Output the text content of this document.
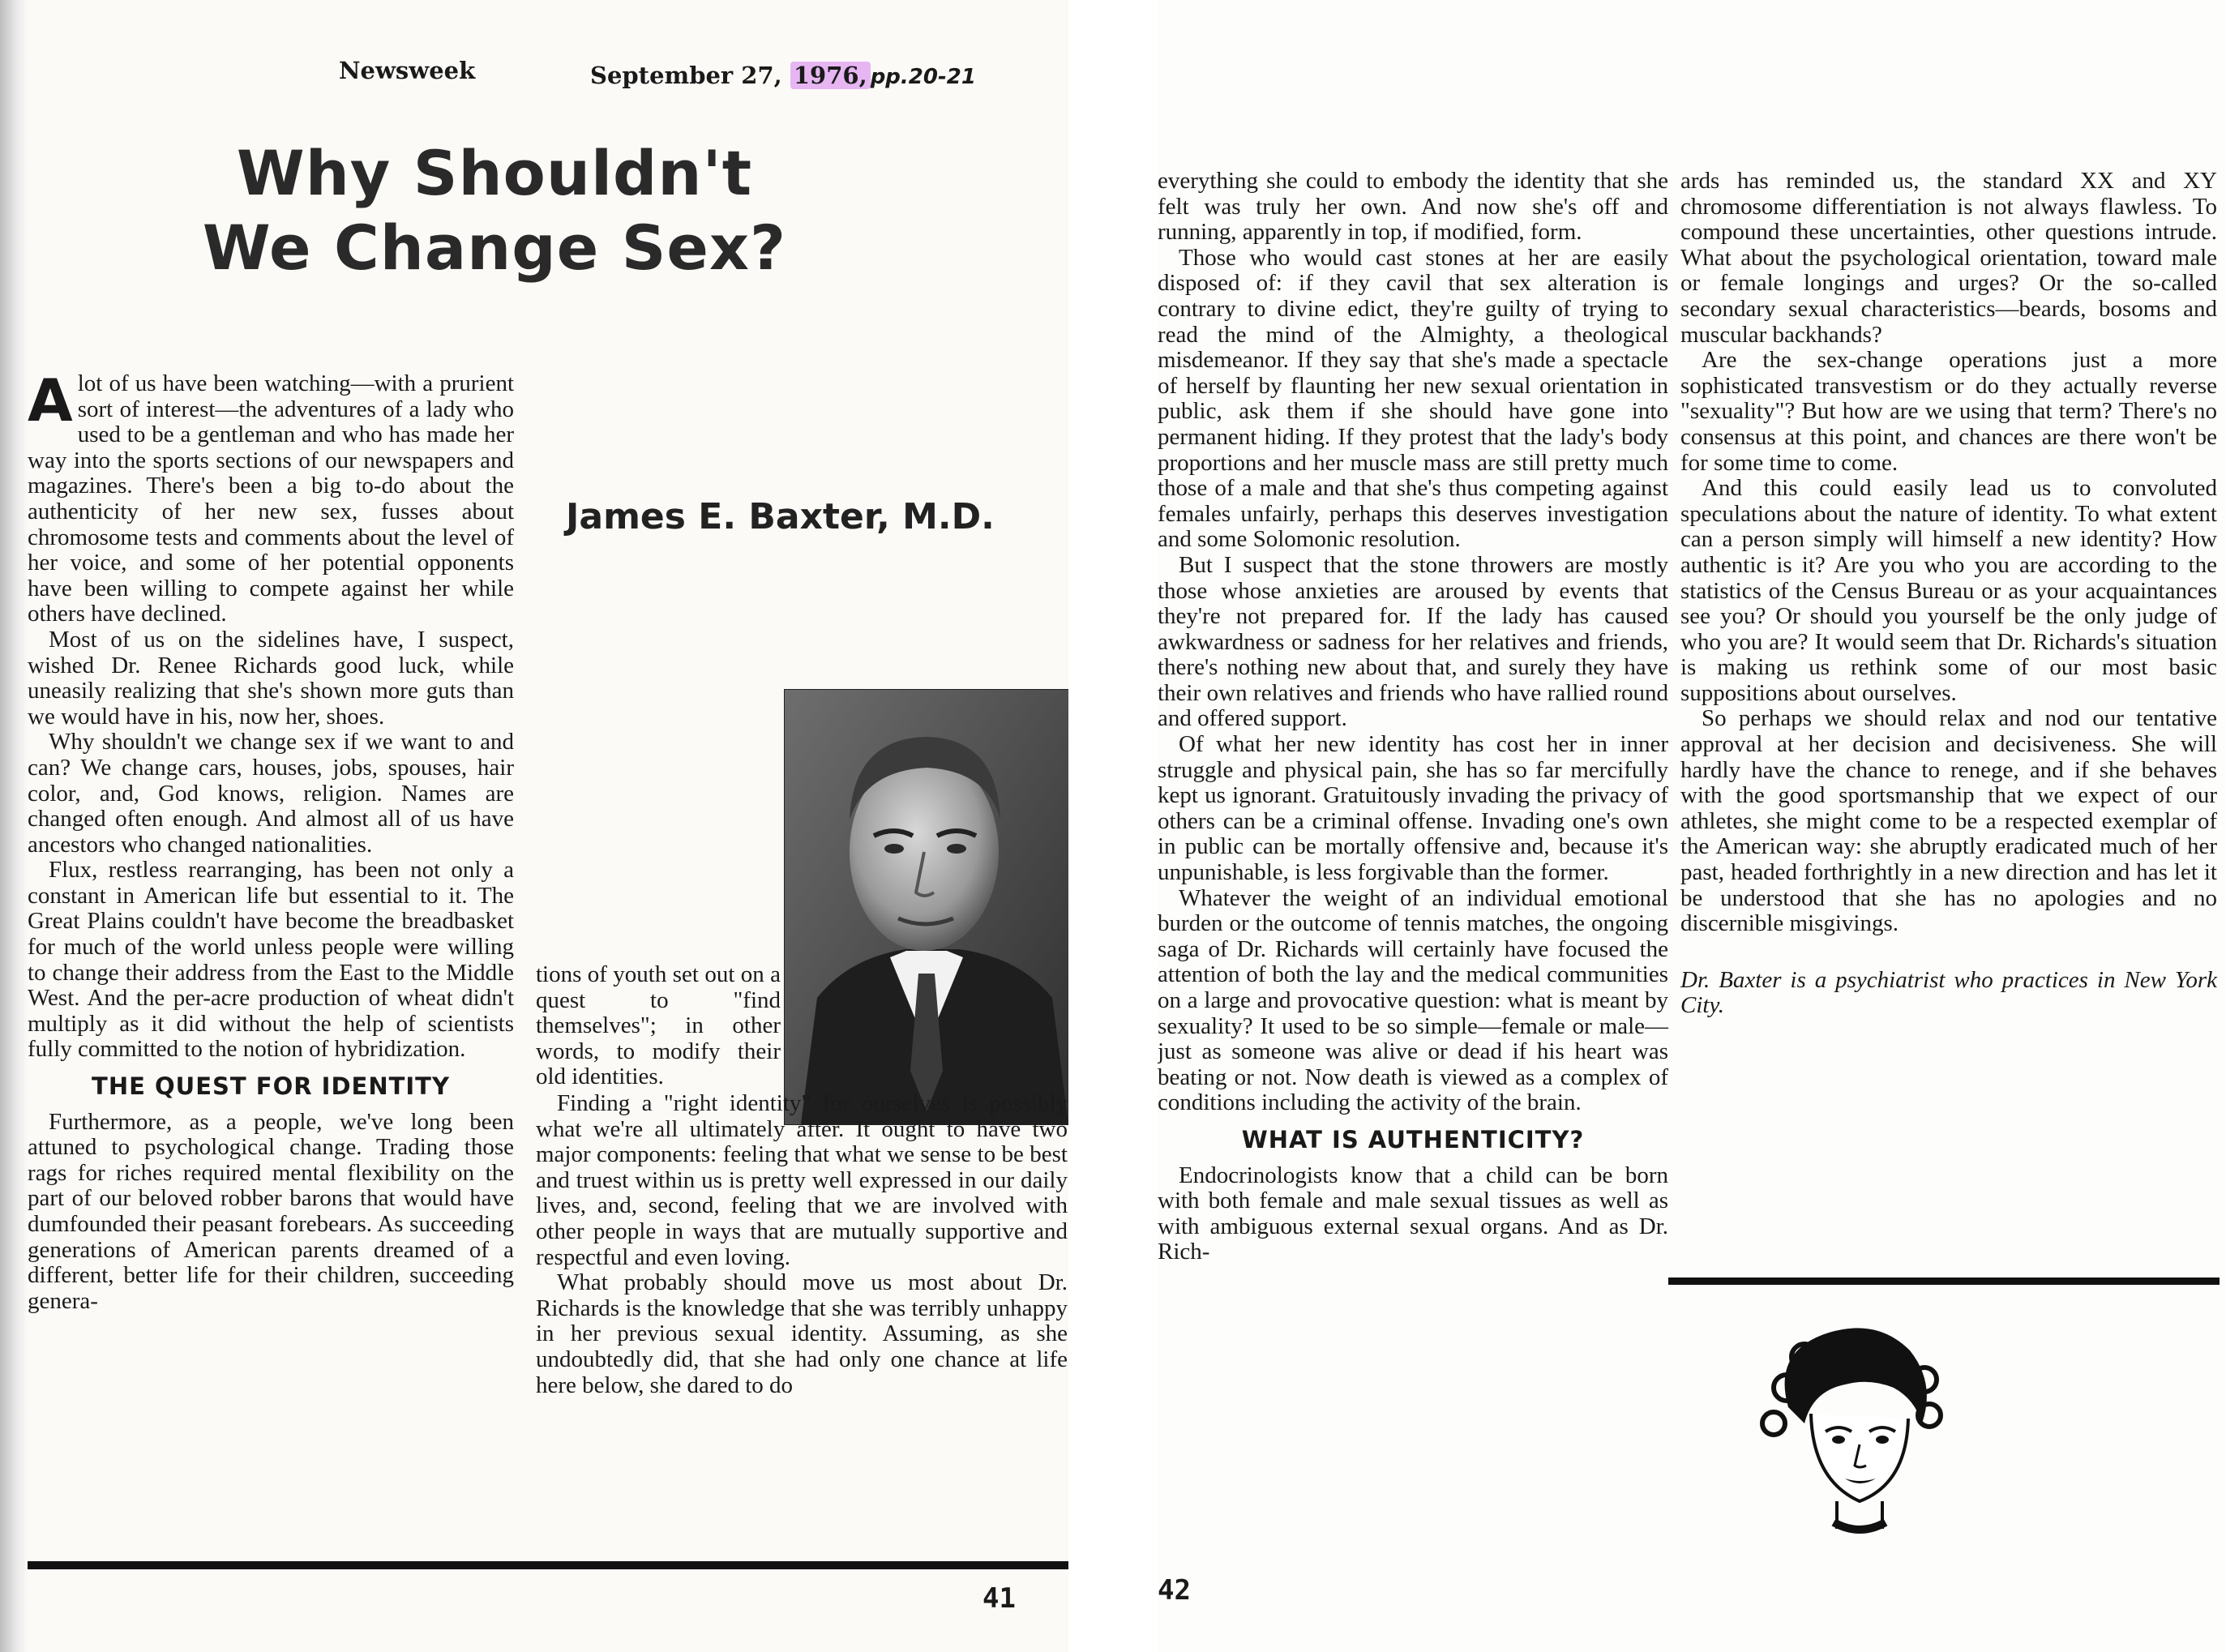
Newsweek	September 27, 1976, pp.20-21
Why Shouldn't
We Change Sex?
James E. Baxter, M.D.

Alot of us have been watching—with a prurient sort of interest—the adventures of a lady who used to be a gentleman and who has made her way into the sports sections of our newspapers and magazines. There's been a big to-do about the authenticity of her new sex, fusses about chromosome tests and comments about the level of her voice, and some of her potential opponents have been willing to compete against her while others have declined.

Most of us on the sidelines have, I suspect, wished Dr. Renee Richards good luck, while uneasily realizing that she's shown more guts than we would have in his, now her, shoes.

Why shouldn't we change sex if we want to and can? We change cars, houses, jobs, spouses, hair color, and, God knows, religion. Names are changed often enough. And almost all of us have ancestors who changed nationalities.

Flux, restless rearranging, has been not only a constant in American life but essential to it. The Great Plains couldn't have become the breadbasket for much of the world unless people were willing to change their address from the East to the Middle West. And the per-acre production of wheat didn't multiply as it did without the help of scientists fully committed to the notion of hybridization.

THE QUEST FOR IDENTITY

Furthermore, as a people, we've long been attuned to psychological change. Trading those rags for riches required mental flexibility on the part of our beloved robber barons that would have dumfounded their peasant forebears. As succeeding generations of American parents dreamed of a different, better life for their children, succeeding genera-

tions of youth set out on a quest to "find themselves"; in other words, to modify their old identities.

Finding a "right identity" for ourselves is possibly what we're all ultimately after. It ought to have two major components: feeling that what we sense to be best and truest within us is pretty well expressed in our daily lives, and, second, feeling that we are involved with other people in ways that are mutually supportive and respectful and even loving.

What probably should move us most about Dr. Richards is the knowledge that she was terribly unhappy in her previous sexual identity. Assuming, as she undoubtedly did, that she had only one chance at life here below, she dared to do

41

everything she could to embody the identity that she felt was truly her own. And now she's off and running, apparently in top, if modified, form.

Those who would cast stones at her are easily disposed of: if they cavil that sex alteration is contrary to divine edict, they're guilty of trying to read the mind of the Almighty, a theological misdemeanor. If they say that she's made a spectacle of herself by flaunting her new sexual orientation in public, ask them if she should have gone into permanent hiding. If they protest that the lady's body proportions and her muscle mass are still pretty much those of a male and that she's thus competing against females unfairly, perhaps this deserves investigation and some Solomonic resolution.

But I suspect that the stone throwers are mostly those whose anxieties are aroused by events that they're not prepared for. If the lady has caused awkwardness or sadness for her relatives and friends, there's nothing new about that, and surely they have their own relatives and friends who have rallied round and offered support.

Of what her new identity has cost her in inner struggle and physical pain, she has so far mercifully kept us ignorant. Gratuitously invading the privacy of others can be a criminal offense. Invading one's own in public can be mortally offensive and, because it's unpunishable, is less forgivable than the former.

Whatever the weight of an individual emotional burden or the outcome of tennis matches, the ongoing saga of Dr. Richards will certainly have focused the attention of both the lay and the medical communities on a large and provocative question: what is meant by sexuality? It used to be so simple—female or male—just as someone was alive or dead if his heart was beating or not. Now death is viewed as a complex of conditions including the activity of the brain.

WHAT IS AUTHENTICITY?

Endocrinologists know that a child can be born with both female and male sexual tissues as well as with ambiguous external sexual organs. And as Dr. Rich-

ards has reminded us, the standard XX and XY chromosome differentiation is not always flawless. To compound these uncertainties, other questions intrude. What about the psychological orientation, toward male or female longings and urges? Or the so-called secondary sexual characteristics—beards, bosoms and muscular backhands?

Are the sex-change operations just a more sophisticated transvestism or do they actually reverse "sexuality"? But how are we using that term? There's no consensus at this point, and chances are there won't be for some time to come.

And this could easily lead us to convoluted speculations about the nature of identity. To what extent can a person simply will himself a new identity? How authentic is it? Are you who you are according to the statistics of the Census Bureau or as your acquaintances see you? Or should you yourself be the only judge of who you are? It would seem that Dr. Richards's situation is making us rethink some of our most basic suppositions about ourselves.

So perhaps we should relax and nod our tentative approval at her decision and decisiveness. She will hardly have the chance to renege, and if she behaves with the good sportsmanship that we expect of our athletes, she might come to be a respected exemplar of the American way: she abruptly eradicated much of her past, headed forthrightly in a new direction and has let it be understood that she has no apologies and no discernible misgivings.

Dr. Baxter is a psychiatrist who practices in New York City.

42
